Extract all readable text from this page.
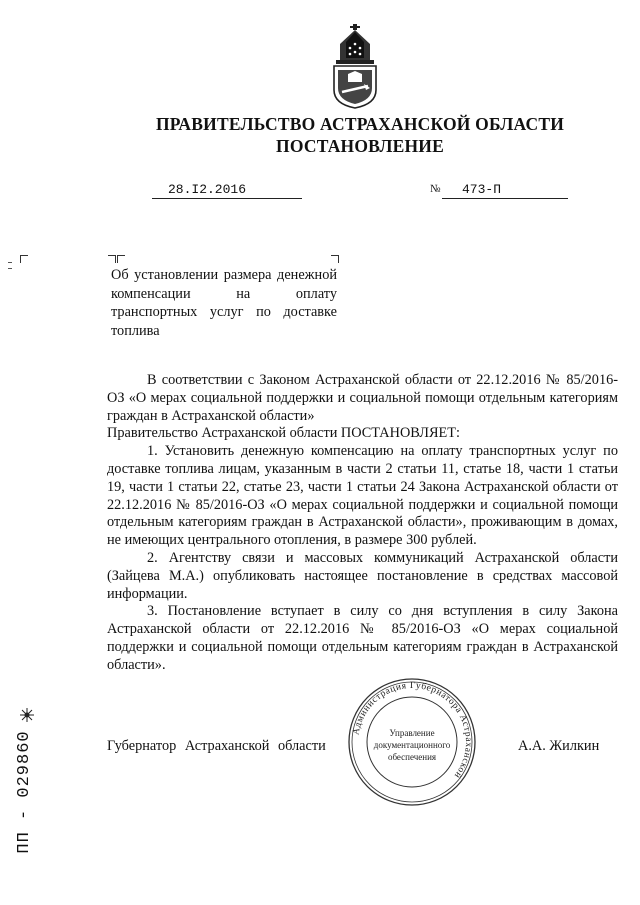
ПРАВИТЕЛЬСТВО АСТРАХАНСКОЙ ОБЛАСТИ
ПОСТАНОВЛЕНИЕ
28.I2.2016	№ 473-П
Об установлении размера денежной компенсации на оплату транспортных услуг по доставке топлива

В соответствии с Законом Астраханской области от 22.12.2016 № 85/2016-ОЗ «О мерах социальной поддержки и социальной помощи отдельным категориям граждан в Астраханской области»

Правительство Астраханской области ПОСТАНОВЛЯЕТ:

1. Установить денежную компенсацию на оплату транспортных услуг по доставке топлива лицам, указанным в части 2 статьи 11, статье 18, части 1 статьи 19, части 1 статьи 22, статье 23, части 1 статьи 24 Закона Астраханской области от 22.12.2016 № 85/2016-ОЗ «О мерах социальной поддержки и социальной помощи отдельным категориям граждан в Астраханской области», проживающим в домах, не имеющих центрального отопления, в размере 300 рублей.

2. Агентству связи и массовых коммуникаций Астраханской области (Зайцева М.А.) опубликовать настоящее постановление в средствах массовой информации.

3. Постановление вступает в силу со дня вступления в силу Закона Астраханской области от 22.12.2016 № 85/2016-ОЗ «О мерах социальной поддержки и социальной помощи отдельным категориям граждан в Астраханской области».

Губернатор Астраханской области	А.А. Жилкин
Администрация Губернатора Астраханской
Управление
документационного
обеспечения
ПП - 029860
